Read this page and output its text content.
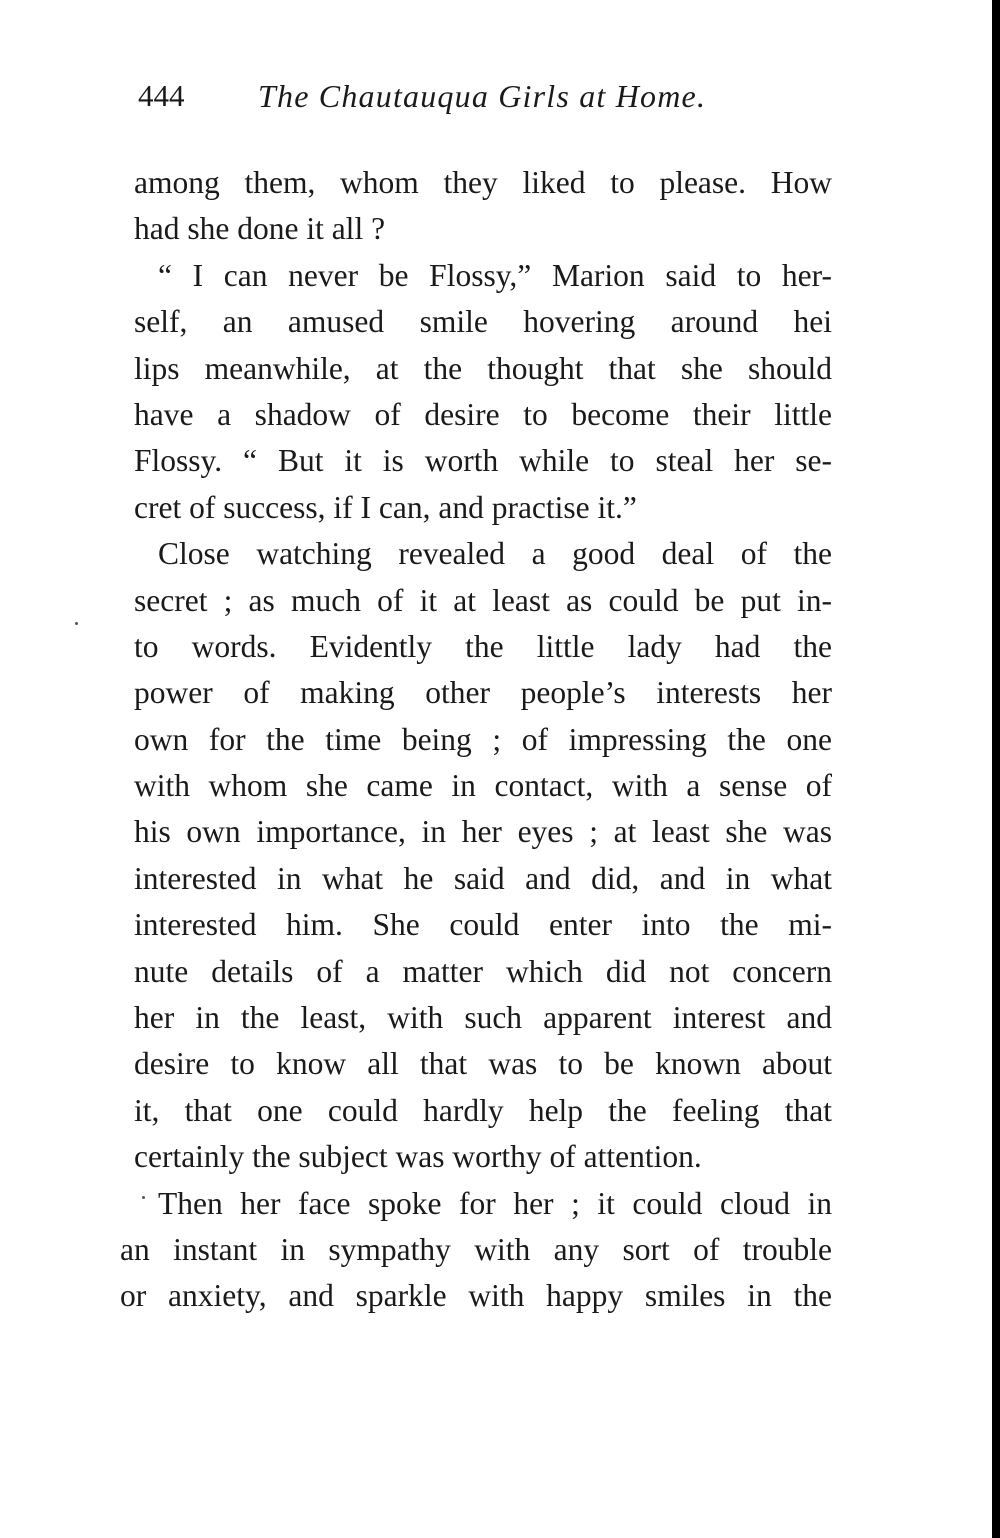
444 The Chautauqua Girls at Home.
among them, whom they liked to please. How
had she done it all ?
“ I can never be Flossy,” Marion said to her-
self, an amused smile hovering around hei
lips meanwhile, at the thought that she should
have a shadow of desire to become their little
Flossy. “ But it is worth while to steal her se-
cret of success, if I can, and practise it.”
Close watching revealed a good deal of the
secret ; as much of it at least as could be put in-
to words. Evidently the little lady had the
power of making other people’s interests her
own for the time being ; of impressing the one
with whom she came in contact, with a sense of
his own importance, in her eyes ; at least she was
interested in what he said and did, and in what
interested him. She could enter into the mi-
nute details of a matter which did not concern
her in the least, with such apparent interest and
desire to know all that was to be known about
it, that one could hardly help the feeling that
certainly the subject was worthy of attention.
Then her face spoke for her ; it could cloud in
an instant in sympathy with any sort of trouble
or anxiety, and sparkle with happy smiles in the
